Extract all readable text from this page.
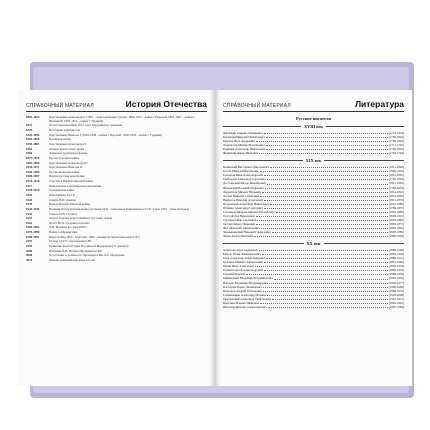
СПРАВОЧНЫЙ МАТЕРИАЛ	История Отечества
1801-1825	Царствование Александра I (1801 – присоединение Грузии; 1804-1813 – война с Персией; 1805-1807 – войны с Францией; 1806-1812 – война с Турцией)
1812	Отечественная война 1812 года; Бородинское сражение
1825	Восстание декабристов
1825-1855	Царствование Николая I (1826-1828 – война с Персией; 1828-1829 – война с Турцией)
1853-1856	Крымская война
1855-1881	Царствование Александра II
1861	Отмена крепостного права
1864	Земская и судебная реформы
1877-1878	Русско-турецкая война
1881-1894	Царствование Александра III
1894-1917	Царствование Николая II
1904-1905	Русско-японская война
1905-1907	Первая русская революция
1914-1918	Участие в Первой мировой войне
1917	Февральская и Октябрьская революции
1918-1920	Гражданская война
1922	Образование СССР
1924	Смерть В.И. Ленина
1939	Начало Второй мировой войны
1941-1945	Великая Отечественная война (22 июня 1941 – нападение Германии на СССР; 9 мая 1945 – День Победы)
1953	Смерть И.В. Сталина
1957	Запуск первого искусственного спутника Земли
1961	Полёт Ю.А. Гагарина в космос
1964-1982	Л.И. Брежнев во главе КПСС
1979-1989	Война в Афганистане
1985-1991	Перестройка (М.С. Горбачёв; 1986 – авария на Чернобыльской АЭС)
1991	Распад СССР; образование СНГ
1993	Принятие Конституции Российской Федерации (12 декабря)
2000	Избрание В.В. Путина Президентом РФ
2008	Вступление в должность Президента РФ Д.А. Медведева
2014	Зимние Олимпийские игры в Сочи
СПРАВОЧНЫЙ МАТЕРИАЛ	Литература
Русские писатели
XVIII век
Державин Гавриил Романович	(1743-1816)
Карамзин Николай Михайлович	(1766-1826)
Крылов Иван Андреевич	(1769-1844)
Ломоносов Михаил Васильевич	(1711-1765)
Радищев Александр Николаевич	(1749-1802)
Фонвизин Денис Иванович	(1745-1792)
XIX век
Белинский Виссарион Григорьевич	(1811-1848)
Гоголь Николай Васильевич	(1809-1852)
Гончаров Иван Александрович	(1812-1891)
Грибоедов Александр Сергеевич	(1795-1829)
Достоевский Фёдор Михайлович	(1821-1881)
Жуковский Василий Андреевич	(1783-1852)
Лермонтов Михаил Юрьевич	(1814-1841)
Лесков Николай Семёнович	(1831-1895)
Некрасов Николай Алексеевич	(1821-1878)
Островский Александр Николаевич	(1823-1886)
Пушкин Александр Сергеевич	(1799-1837)
Салтыков-Щедрин Михаил Евграфович	(1826-1889)
Толстой Лев Николаевич	(1828-1910)
Тургенев Иван Сергеевич	(1818-1883)
Тютчев Фёдор Иванович	(1803-1873)
Фет Афанасий Афанасьевич	(1820-1892)
Чернышевский Николай Гаврилович	(1828-1889)
Чехов Антон Павлович	(1860-1904)
XX век
Ахматова Анна Андреевна	(1889-1966)
Бабель Исаак Эммануилович	(1894-1940)
Блок Александр Александрович	(1880-1921)
Булгаков Михаил Афанасьевич	(1891-1940)
Бунин Иван Алексеевич	(1870-1953)
Есенин Сергей Александрович	(1895-1925)
Горький Максим	(1868-1936)
Маяковский Владимир Владимирович	(1893-1930)
Набоков Владимир Владимирович	(1899-1977)
Пастернак Борис Леонидович	(1890-1960)
Платонов Андрей Платонович	(1899-1951)
Солженицын Александр Исаевич	(1918-2008)
Твардовский Александр Трифонович	(1910-1971)
Цветаева Марина Ивановна	(1892-1941)
Шолохов Михаил Александрович	(1905-1984)
